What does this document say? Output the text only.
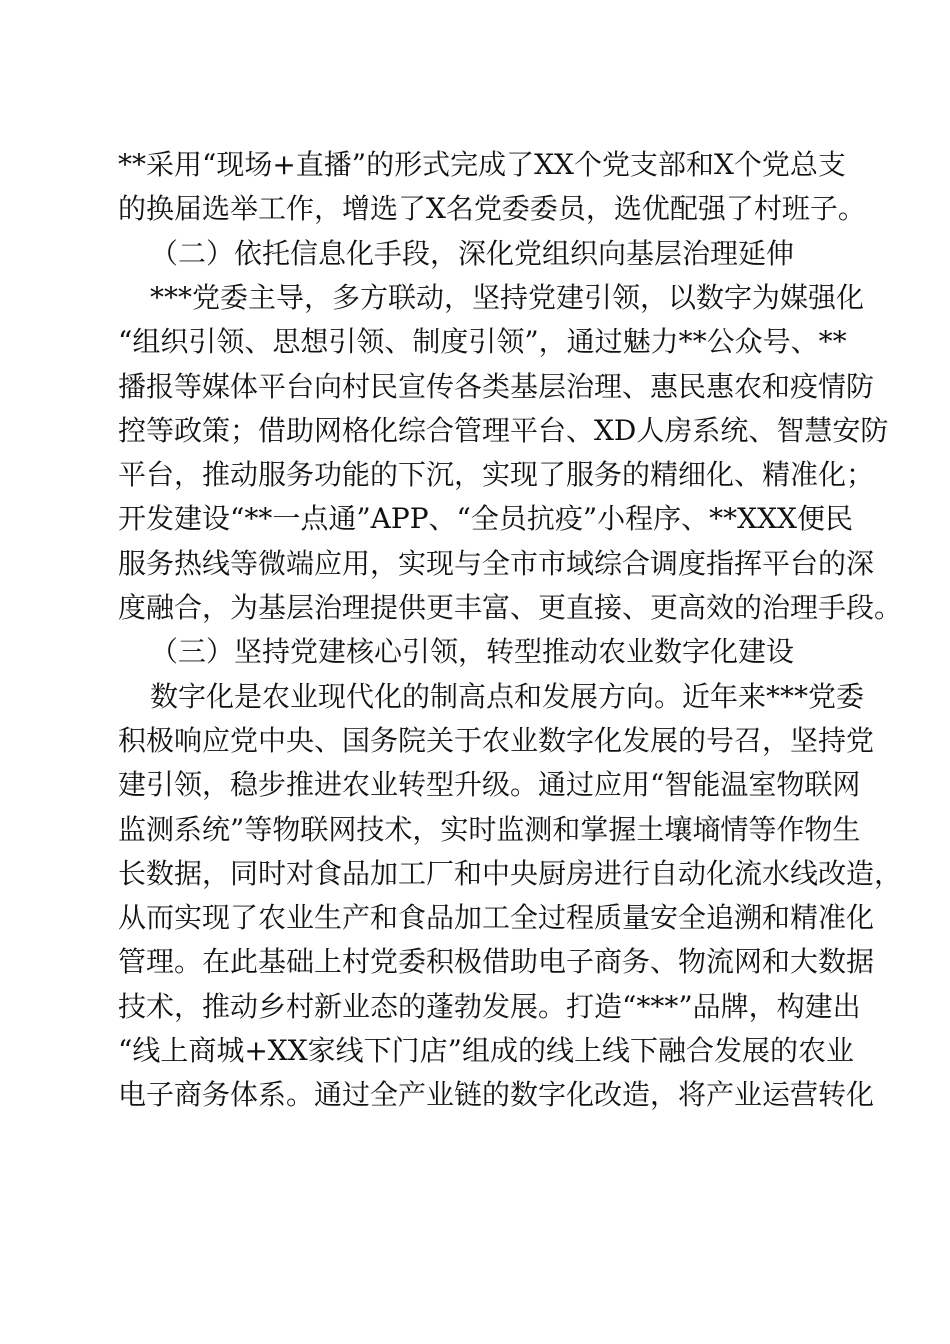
**采用“现场+直播”的形式完成了XX个党支部和X个党总支
的换届选举工作，增选了X名党委委员，选优配强了村班子。
（二）依托信息化手段，深化党组织向基层治理延伸
***党委主导，多方联动，坚持党建引领，以数字为媒强化
“组织引领、思想引领、制度引领”，通过魅力**公众号、**
播报等媒体平台向村民宣传各类基层治理、惠民惠农和疫情防
控等政策；借助网格化综合管理平台、XD人房系统、智慧安防
平台，推动服务功能的下沉，实现了服务的精细化、精准化；
开发建设“**一点通”APP、“全员抗疫”小程序、**XXX便民
服务热线等微端应用，实现与全市市域综合调度指挥平台的深
度融合，为基层治理提供更丰富、更直接、更高效的治理手段。
（三）坚持党建核心引领，转型推动农业数字化建设
数字化是农业现代化的制高点和发展方向。近年来***党委
积极响应党中央、国务院关于农业数字化发展的号召，坚持党
建引领，稳步推进农业转型升级。通过应用“智能温室物联网
监测系统”等物联网技术，实时监测和掌握土壤墒情等作物生
长数据，同时对食品加工厂和中央厨房进行自动化流水线改造，
从而实现了农业生产和食品加工全过程质量安全追溯和精准化
管理。在此基础上村党委积极借助电子商务、物流网和大数据
技术，推动乡村新业态的蓬勃发展。打造“***”品牌，构建出
“线上商城+XX家线下门店”组成的线上线下融合发展的农业
电子商务体系。通过全产业链的数字化改造，将产业运营转化
